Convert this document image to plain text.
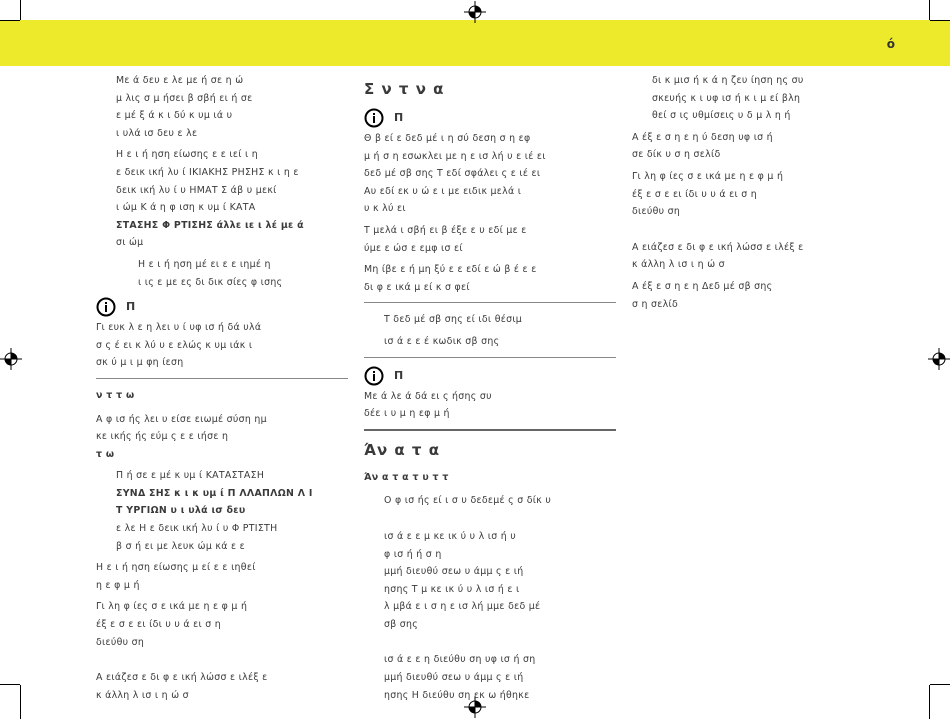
ό

Με ά δευ ε λε με ή σε η ώ
μ λις σ μ ήσει β σβή ει ή σε
ε μέ ξ ά κ ι δύ κ υμ ιά υ
ι υλά ισ δευ ε λε

Η ε ι ή ηση είωσης ε ε ιεί ι η
ε δεικ ική λυ ί ΙΚΙΑΚΗΣ ΡΗΣΗΣ κ ι η ε
δεικ ική λυ ί υ ΗΜΑΤ Σ άβ υ μεκί
ι ώμ Κ ά η φ ιση κ υμ ί ΚΑΤΑ
ΣΤΑΣΗΣ Φ ΡΤΙΣΗΣ άλλε ιε ι λέ με ά
σι ώμ

Η ε ι ή ηση μέ ει ε ε ιημέ η
ι ις ε με ες δι δικ σίες φ ισης

Π

Γι ευκ λ ε η λει υ ί υφ ισ ή δά υλά
σ ς έ ει κ λύ υ ε ελώς κ υμ ιάκ ι
σκ ύ μ ι μ φη ίεση

ν τ τ ω

Α φ ισ ής λει υ είσε ειωμέ σύση ημ
κε ικής ής εύμ ς ε ε ιήσε η
τ ω

Π ή σε ε μέ κ υμ ί ΚΑΤΑΣΤΑΣΗ
ΣΥΝΔ ΣΗΣ κ ι κ υμ ί Π ΛΛΑΠΛΩΝ Λ Ι
Τ ΥΡΓΙΩΝ υ ι υλά ισ δευ
ε λε Η ε δεικ ική λυ ί υ Φ ΡΤΙΣΤΗ
β σ ή ει με λευκ ώμ κά ε ε

Η ε ι ή ηση είωσης μ εί ε ε ιηθεί
η ε φ μ ή

Γι λη φ ίες σ ε ικά με η ε φ μ ή
έξ ε σ ε ει ίδι υ υ ά ει σ η
διεύθυ ση

Α ειάζεσ ε δι φ ε ική λώσσ ε ιλέξ ε
κ άλλη λ ισ ι η ώ σ

Σ ν τ ν α

Π

Θ β εί ε δεδ μέ ι η σύ δεση σ η εφ
μ ή σ η εσωκλει με η ε ισ λή υ ε ιέ ει
δεδ μέ σβ σης Τ εδί σφάλει ς ε ιέ ει
Αυ εδί εκ υ ώ ε ι με ειδικ μελά ι
υ κ λύ ει

Τ μελά ι σβή ει β έξε ε υ εδί με ε
ύμε ε ώσ ε εμφ ισ εί

Μη ίβε ε ή μη ξύ ε ε εδί ε ώ β έ ε ε
δι φ ε ικά μ εί κ σ φεί

Τ δεδ μέ σβ σης εί ιδι θέσιμ

ισ ά ε ε έ κωδικ σβ σης

Π

Με ά λε ά δά ει ς ήσης συ
δέε ι υ μ η εφ μ ή

Άν α τ α

Άν α τ α τ υ τ τ

Ο φ ισ ής εί ι σ υ δεδεμέ ς σ δίκ υ

ισ ά ε ε μ κε ικ ύ υ λ ισ ή υ
φ ισ ή ή σ η
μμή διευθύ σεω υ άμμ ς ε ιή
ησης Τ μ κε ικ ύ υ λ ισ ή ε ι
λ μβά ε ι σ η ε ισ λή μμε δεδ μέ
σβ σης

ισ ά ε ε η διεύθυ ση υφ ισ ή ση
μμή διευθύ σεω υ άμμ ς ε ιή
ησης Η διεύθυ ση εκ ω ήθηκε

δι κ μισ ή κ ά η ζευ ίηση ης συ
σκευής κ ι υφ ισ ή κ ι μ εί βλη
θεί σ ις υθμίσεις υ δ μ λ η ή

Α έξ ε σ η ε η ύ δεση υφ ισ ή
σε δίκ υ σ η σελίδ

Γι λη φ ίες σ ε ικά με η ε φ μ ή
έξ ε σ ε ει ίδι υ υ ά ει σ η
διεύθυ ση

Α ειάζεσ ε δι φ ε ική λώσσ ε ιλέξ ε
κ άλλη λ ισ ι η ώ σ

Α έξ ε σ η ε η Δεδ μέ σβ σης
σ η σελίδ
